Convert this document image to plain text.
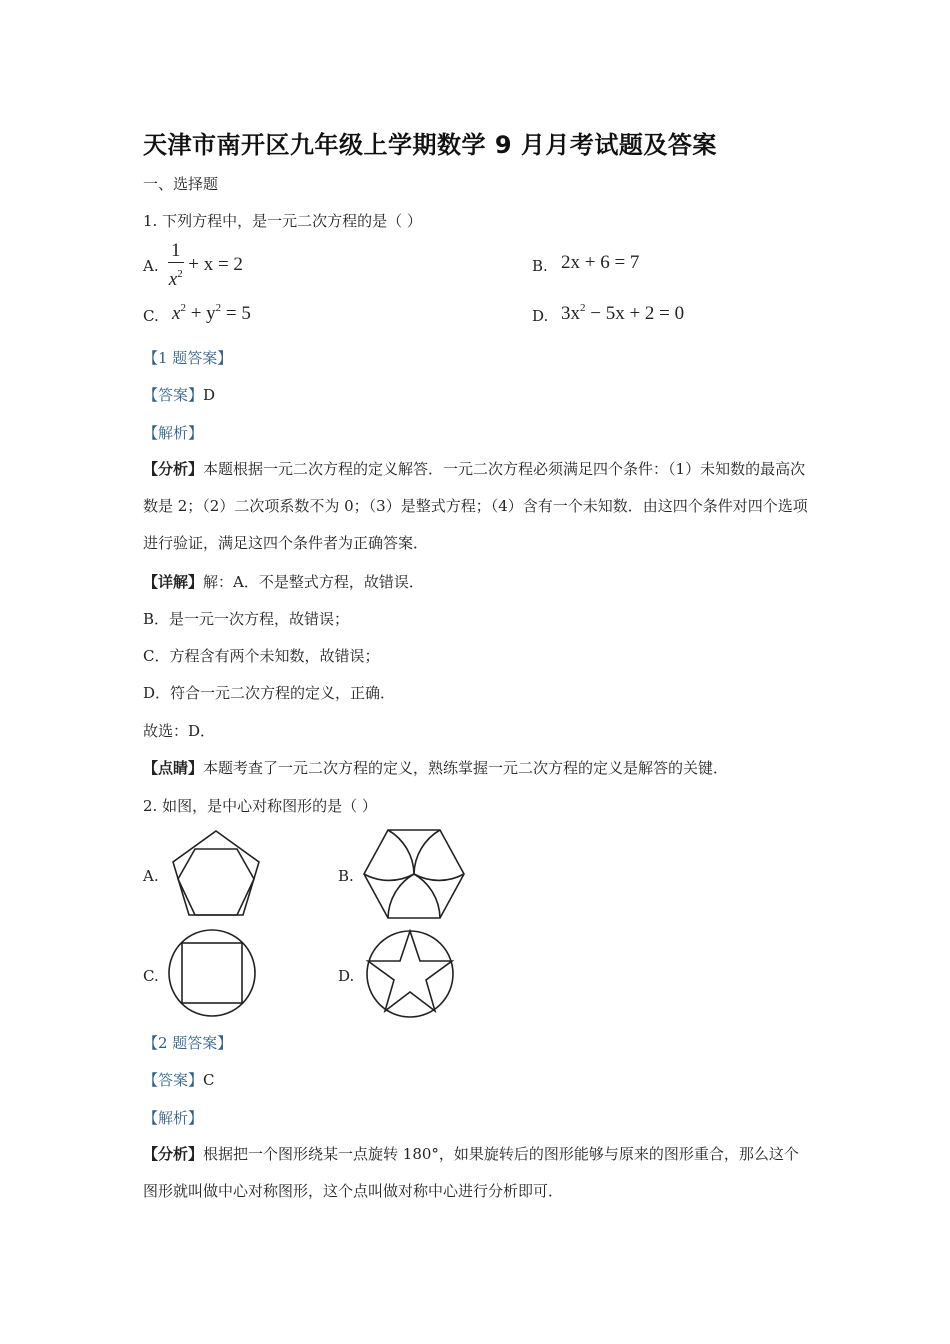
天津市南开区九年级上学期数学 9 月月考试题及答案
一、选择题
1. 下列方程中，是一元二次方程的是（ ）
A. $\frac{1}{x^2} + x = 2$	B. 2x + 6 = 7
C. $x^2 + y^2 = 5$	D. $3x^2 - 5x + 2 = 0$
【1 题答案】
【答案】D
【解析】
【分析】本题根据一元二次方程的定义解答．一元二次方程必须满足四个条件：（1）未知数的最高次数是 2；（2）二次项系数不为 0；（3）是整式方程；（4）含有一个未知数．由这四个条件对四个选项进行验证，满足这四个条件者为正确答案．
【详解】解：A．不是整式方程，故错误．
B．是一元一次方程，故错误；
C．方程含有两个未知数，故错误；
D．符合一元二次方程的定义，正确．
故选：D．
【点睛】本题考查了一元二次方程的定义，熟练掌握一元二次方程的定义是解答的关键．
2. 如图，是中心对称图形的是（ ）
A.	B.
C.	D.
【2 题答案】
【答案】C
【解析】
【分析】根据把一个图形绕某一点旋转 180°，如果旋转后的图形能够与原来的图形重合，那么这个图形就叫做中心对称图形，这个点叫做对称中心进行分析即可．
